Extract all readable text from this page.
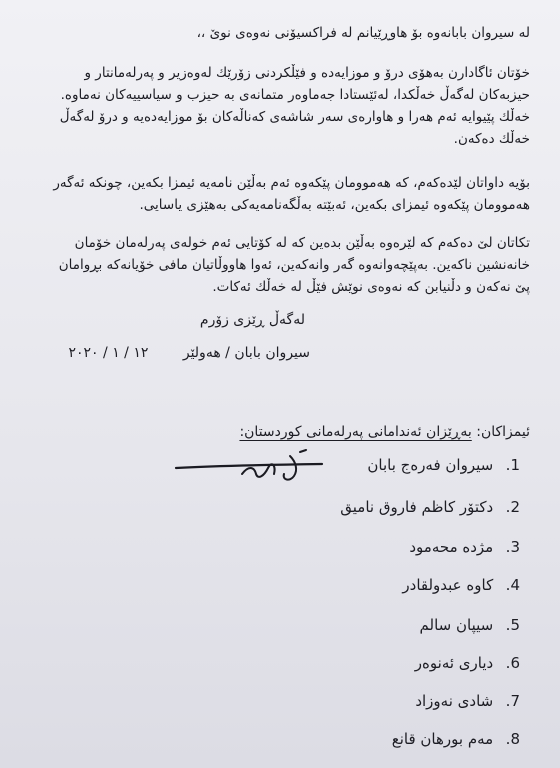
لە سیروان بابانەوە بۆ هاوڕێیانم لە فراکسیۆنی نەوەی نوێ ،،

خۆتان ئاگادارن بەهۆی درۆ و موزایەدە و فێڵکردنی زۆرێك لەوەزیر و پەرلەمانتار و
حیزبەکان لەگەڵ خەڵکدا، لەئێستادا جەماوەر متمانەی بە حیزب و سیاسییەکان نەماوە.
خەڵك پێیوایە ئەم هەرا و هاوارەی سەر شاشەی کەناڵەکان بۆ موزایەدەیە و درۆ لەگەڵ
خەڵك دەکەن.

بۆیە داواتان لێدەکەم، کە هەموومان پێکەوە ئەم بەڵێن نامەیە ئیمزا بکەین، چونکە ئەگەر
هەموومان پێکەوە ئیمزای بکەین، ئەبێتە بەڵگەنامەیەکی بەهێزی یاسایی.

تکاتان لێ دەکەم کە لێرەوە بەڵێن بدەین کە لە کۆتایی ئەم خولەی پەرلەمان خۆمان
خانەنشین ناکەین. بەپێچەوانەوە گەر وانەکەین، ئەوا هاووڵاتیان مافی خۆیانەکە بڕوامان
پێ نەکەن و دڵنیابن کە نەوەی نوێش فێڵ لە خەڵك ئەکات.

لەگەڵ ڕێزی زۆرم
سیروان بابان / هەولێر ١٢ / ١ / ٢٠٢٠
ئیمزاکان: بەڕێزان ئەندامانی پەرلەمانی کوردستان:
1. سیروان فەرەج بابان
2. دکتۆر کاظم فاروق نامیق
3. مژدە محەمود
4. کاوە عبدولقادر
5. سیپان سالم
6. دیاری ئەنوەر
7. شادی نەوزاد
8. مەم بورهان قانع
